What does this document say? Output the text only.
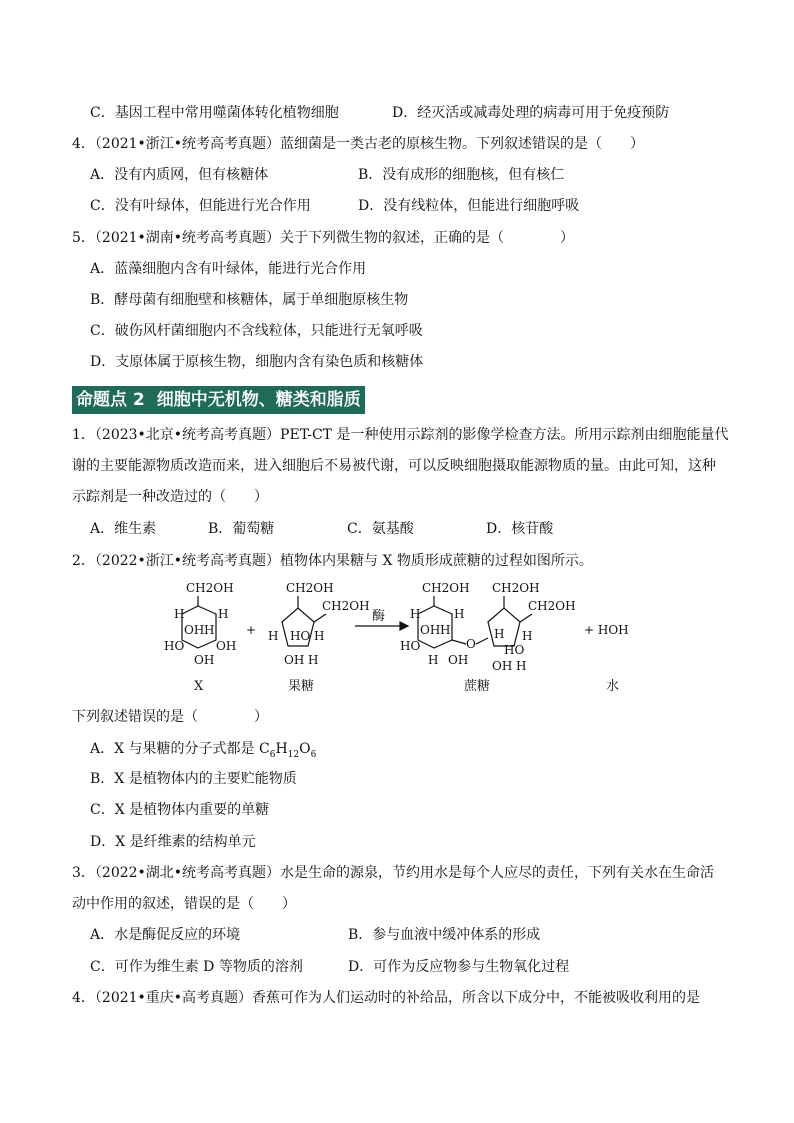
C．基因工程中常用噬菌体转化植物细胞	D．经灭活或减毒处理的病毒可用于免疫预防
4．（2021•浙江•统考高考真题）蓝细菌是一类古老的原核生物。下列叙述错误的是（　　）
A．没有内质网，但有核糖体	B．没有成形的细胞核，但有核仁
C．没有叶绿体，但能进行光合作用	D．没有线粒体，但能进行细胞呼吸
5．（2021•湖南•统考高考真题）关于下列微生物的叙述，正确的是（　　　　）
A．蓝藻细胞内含有叶绿体，能进行光合作用
B．酵母菌有细胞壁和核糖体，属于单细胞原核生物
C．破伤风杆菌细胞内不含线粒体，只能进行无氧呼吸
D．支原体属于原核生物，细胞内含有染色质和核糖体
命题点 2 细胞中无机物、糖类和脂质
1．（2023•北京•统考高考真题）PET-CT 是一种使用示踪剂的影像学检查方法。所用示踪剂由细胞能量代
谢的主要能源物质改造而来，进入细胞后不易被代谢，可以反映细胞摄取能源物质的量。由此可知，这种
示踪剂是一种改造过的（　　）
A．维生素	B．葡萄糖	C．氨基酸	D．核苷酸
2．（2022•浙江•统考高考真题）植物体内果糖与 X 物质形成蔗糖的过程如图所示。
CH2OH
H	H
OH H
HO	OH
OH
+
CH2OH
CH2OH
H HO H
OH H
酶
CH2OH
H	H
OH H
HO	O
H OH
CH2OH
CH2OH
H
HO
H
OH H
+ HOH
X	果糖	蔗糖	水
下列叙述错误的是（　　　　）
A．X 与果糖的分子式都是 $C_6H_{12}O_6$
B．X 是植物体内的主要贮能物质
C．X 是植物体内重要的单糖
D．X 是纤维素的结构单元
3．（2022•湖北•统考高考真题）水是生命的源泉，节约用水是每个人应尽的责任，下列有关水在生命活
动中作用的叙述，错误的是（　　）
A．水是酶促反应的环境	B．参与血液中缓冲体系的形成
C．可作为维生素 D 等物质的溶剂	D．可作为反应物参与生物氧化过程
4．（2021•重庆•高考真题）香蕉可作为人们运动时的补给品，所含以下成分中，不能被吸收利用的是
